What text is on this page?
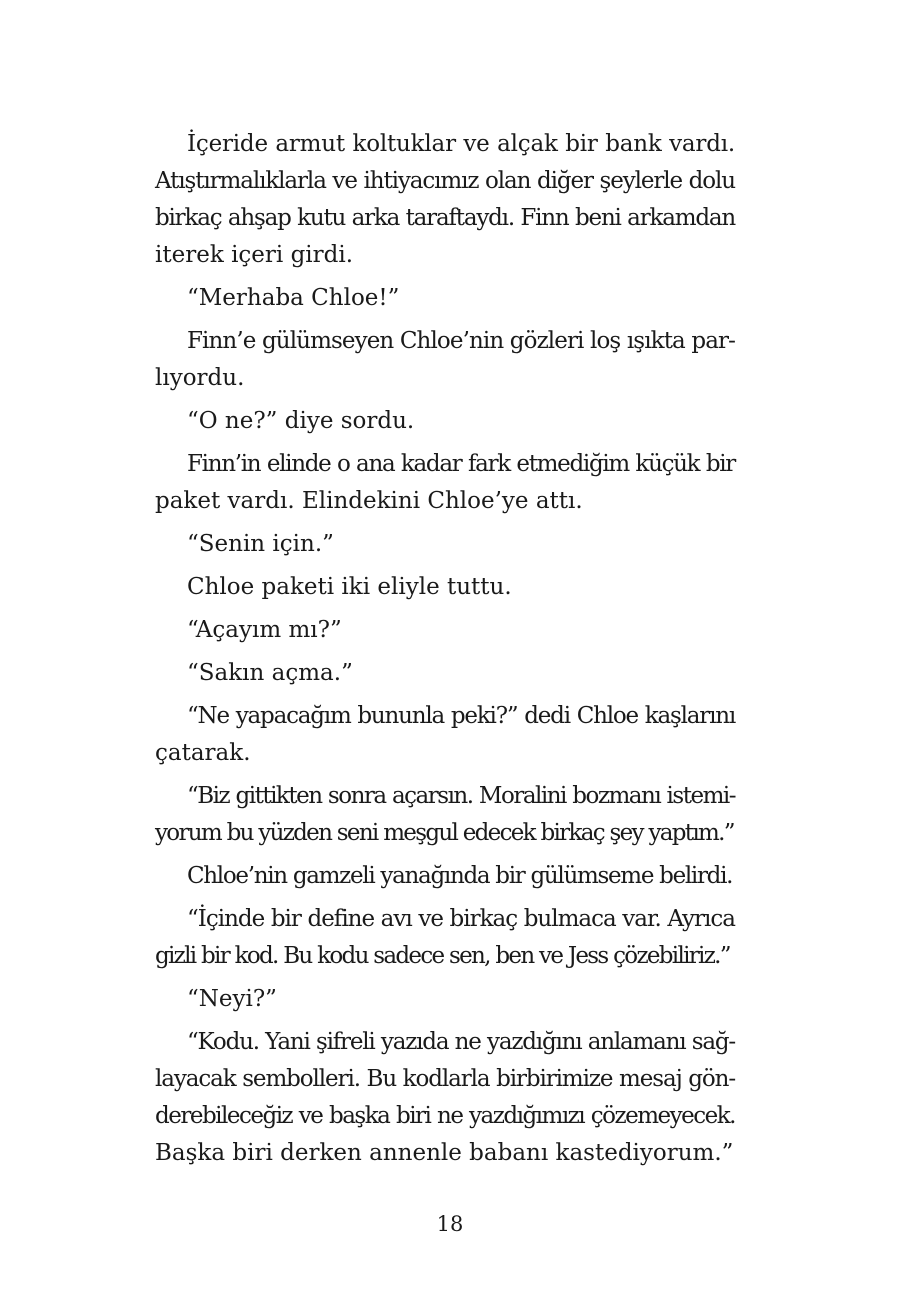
İçeride armut koltuklar ve alçak bir bank vardı.
Atıştırmalıklarla ve ihtiyacımız olan diğer şeylerle dolu
birkaç ahşap kutu arka taraftaydı. Finn beni arkamdan
iterek içeri girdi.
“Merhaba Chloe!”
Finn’e gülümseyen Chloe’nin gözleri loş ışıkta par-
lıyordu.
“O ne?” diye sordu.
Finn’in elinde o ana kadar fark etmediğim küçük bir
paket vardı. Elindekini Chloe’ye attı.
“Senin için.”
Chloe paketi iki eliyle tuttu.
“Açayım mı?”
“Sakın açma.”
“Ne yapacağım bununla peki?” dedi Chloe kaşlarını
çatarak.
“Biz gittikten sonra açarsın. Moralini bozmanı istemi-
yorum bu yüzden seni meşgul edecek birkaç şey yaptım.”
Chloe’nin gamzeli yanağında bir gülümseme belirdi.
“İçinde bir define avı ve birkaç bulmaca var. Ayrıca
gizli bir kod. Bu kodu sadece sen, ben ve Jess çözebiliriz.”
“Neyi?”
“Kodu. Yani şifreli yazıda ne yazdığını anlamanı sağ-
layacak sembolleri. Bu kodlarla birbirimize mesaj gön-
derebileceğiz ve başka biri ne yazdığımızı çözemeyecek.
Başka biri derken annenle babanı kastediyorum.”
18
